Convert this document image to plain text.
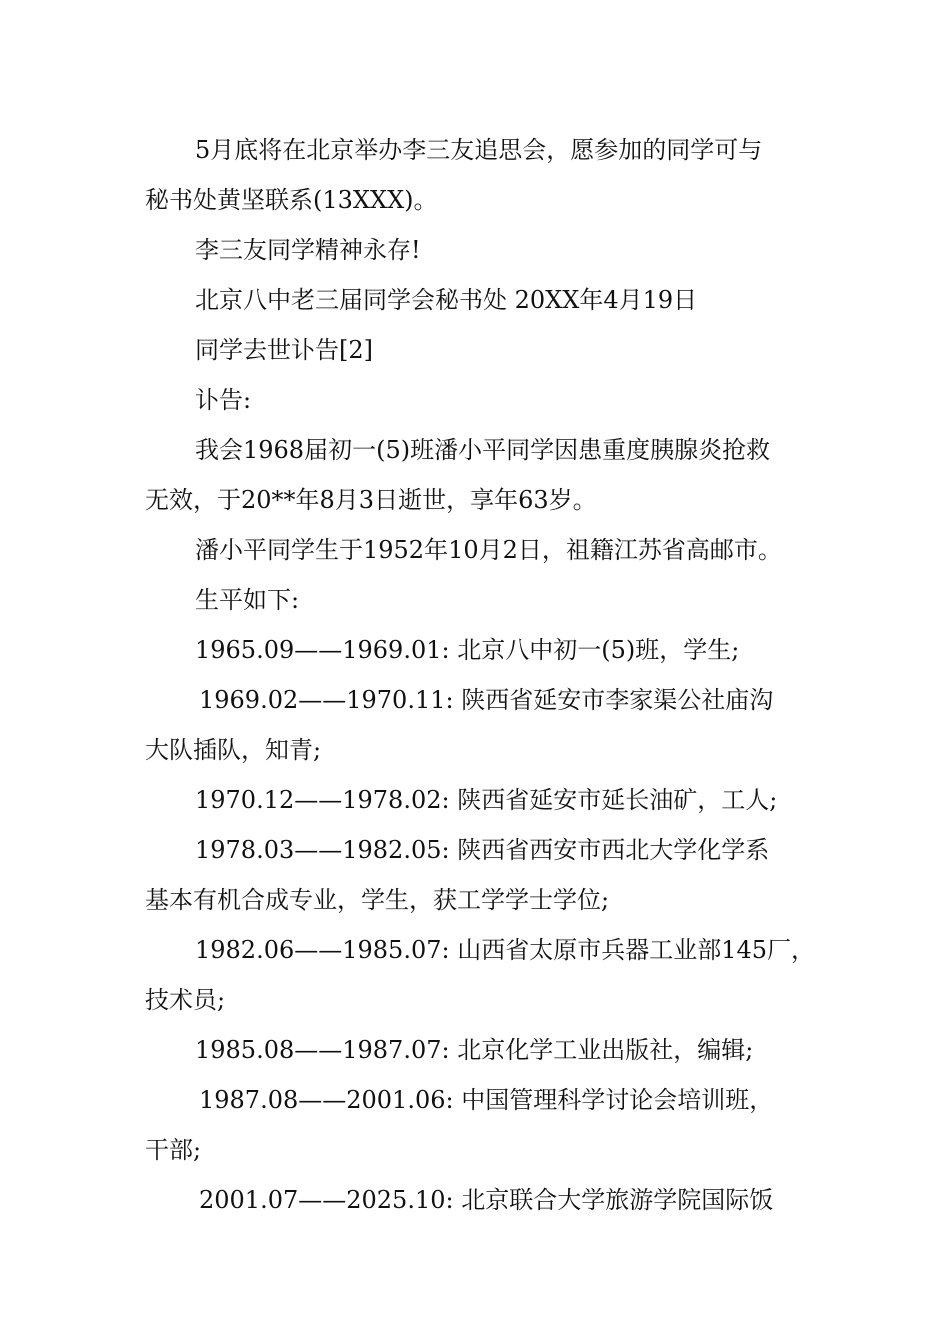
5月底将在北京举办李三友追思会，愿参加的同学可与
秘书处黄坚联系(13XXX)。
李三友同学精神永存!
北京八中老三届同学会秘书处 20XX年4月19日
同学去世讣告[2]
讣告:
我会1968届初一(5)班潘小平同学因患重度胰腺炎抢救
无效，于20**年8月3日逝世，享年63岁。
潘小平同学生于1952年10月2日，祖籍江苏省高邮市。
生平如下:
1965.09——1969.01: 北京八中初一(5)班，学生;
1969.02——1970.11: 陕西省延安市李家渠公社庙沟
大队插队，知青;
1970.12——1978.02: 陕西省延安市延长油矿，工人;
1978.03——1982.05: 陕西省西安市西北大学化学系
基本有机合成专业，学生，获工学学士学位;
1982.06——1985.07: 山西省太原市兵器工业部145厂，
技术员;
1985.08——1987.07: 北京化学工业出版社，编辑;
1987.08——2001.06: 中国管理科学讨论会培训班，
干部;
2001.07——2025.10: 北京联合大学旅游学院国际饭
